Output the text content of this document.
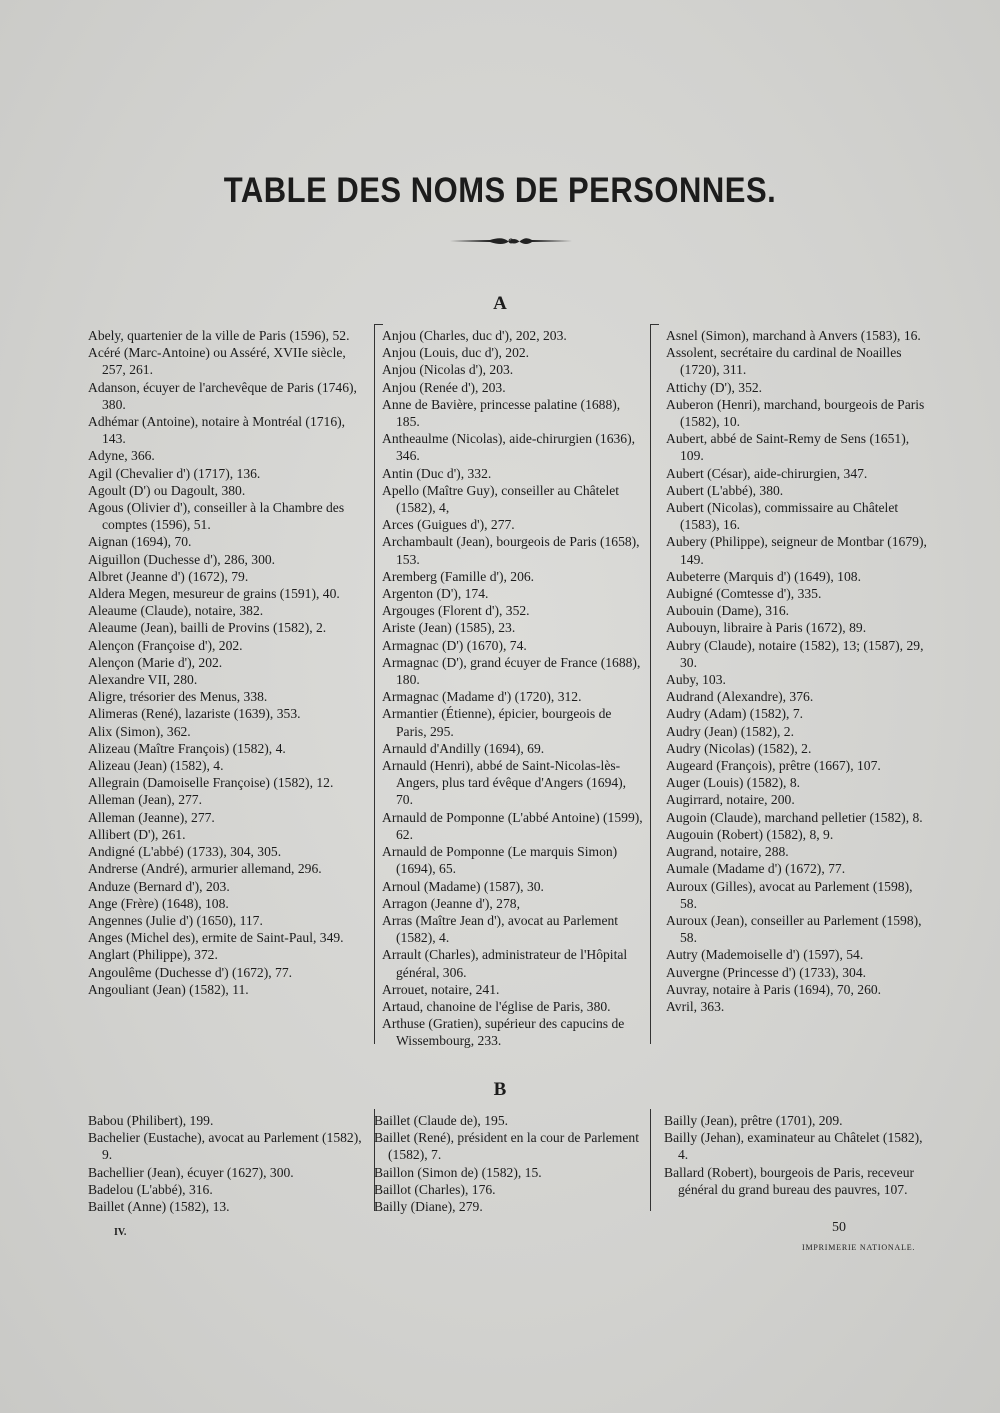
TABLE DES NOMS DE PERSONNES.
A

Abely, quartenier de la ville de Paris (1596), 52.

Acéré (Marc-Antoine) ou Asséré, XVIIe siècle, 257, 261.

Adanson, écuyer de l'archevêque de Paris (1746), 380.

Adhémar (Antoine), notaire à Montréal (1716), 143.

Adyne, 366.

Agil (Chevalier d') (1717), 136.

Agoult (D') ou Dagoult, 380.

Agous (Olivier d'), conseiller à la Chambre des comptes (1596), 51.

Aignan (1694), 70.

Aiguillon (Duchesse d'), 286, 300.

Albret (Jeanne d') (1672), 79.

Aldera Megen, mesureur de grains (1591), 40.

Aleaume (Claude), notaire, 382.

Aleaume (Jean), bailli de Provins (1582), 2.

Alençon (Françoise d'), 202.

Alençon (Marie d'), 202.

Alexandre VII, 280.

Aligre, trésorier des Menus, 338.

Alimeras (René), lazariste (1639), 353.

Alix (Simon), 362.

Alizeau (Maître François) (1582), 4.

Alizeau (Jean) (1582), 4.

Allegrain (Damoiselle Françoise) (1582), 12.

Alleman (Jean), 277.

Alleman (Jeanne), 277.

Allibert (D'), 261.

Andigné (L'abbé) (1733), 304, 305.

Andrerse (André), armurier allemand, 296.

Anduze (Bernard d'), 203.

Ange (Frère) (1648), 108.

Angennes (Julie d') (1650), 117.

Anges (Michel des), ermite de Saint-Paul, 349.

Anglart (Philippe), 372.

Angoulême (Duchesse d') (1672), 77.

Angouliant (Jean) (1582), 11.

Anjou (Charles, duc d'), 202, 203.

Anjou (Louis, duc d'), 202.

Anjou (Nicolas d'), 203.

Anjou (Renée d'), 203.

Anne de Bavière, princesse palatine (1688), 185.

Antheaulme (Nicolas), aide-chirurgien (1636), 346.

Antin (Duc d'), 332.

Apello (Maître Guy), conseiller au Châtelet (1582), 4,

Arces (Guigues d'), 277.

Archambault (Jean), bourgeois de Paris (1658), 153.

Aremberg (Famille d'), 206.

Argenton (D'), 174.

Argouges (Florent d'), 352.

Ariste (Jean) (1585), 23.

Armagnac (D') (1670), 74.

Armagnac (D'), grand écuyer de France (1688), 180.

Armagnac (Madame d') (1720), 312.

Armantier (Étienne), épicier, bourgeois de Paris, 295.

Arnauld d'Andilly (1694), 69.

Arnauld (Henri), abbé de Saint-Nicolas-lès-Angers, plus tard évêque d'Angers (1694), 70.

Arnauld de Pomponne (L'abbé Antoine) (1599), 62.

Arnauld de Pomponne (Le marquis Simon) (1694), 65.

Arnoul (Madame) (1587), 30.

Arragon (Jeanne d'), 278,

Arras (Maître Jean d'), avocat au Parlement (1582), 4.

Arrault (Charles), administrateur de l'Hôpital général, 306.

Arrouet, notaire, 241.

Artaud, chanoine de l'église de Paris, 380.

Arthuse (Gratien), supérieur des capucins de Wissembourg, 233.

Asnel (Simon), marchand à Anvers (1583), 16.

Assolent, secrétaire du cardinal de Noailles (1720), 311.

Attichy (D'), 352.

Auberon (Henri), marchand, bourgeois de Paris (1582), 10.

Aubert, abbé de Saint-Remy de Sens (1651), 109.

Aubert (César), aide-chirurgien, 347.

Aubert (L'abbé), 380.

Aubert (Nicolas), commissaire au Châtelet (1583), 16.

Aubery (Philippe), seigneur de Montbar (1679), 149.

Aubeterre (Marquis d') (1649), 108.

Aubigné (Comtesse d'), 335.

Aubouin (Dame), 316.

Aubouyn, libraire à Paris (1672), 89.

Aubry (Claude), notaire (1582), 13; (1587), 29, 30.

Auby, 103.

Audrand (Alexandre), 376.

Audry (Adam) (1582), 7.

Audry (Jean) (1582), 2.

Audry (Nicolas) (1582), 2.

Augeard (François), prêtre (1667), 107.

Auger (Louis) (1582), 8.

Augirrard, notaire, 200.

Augoin (Claude), marchand pelletier (1582), 8.

Augouin (Robert) (1582), 8, 9.

Augrand, notaire, 288.

Aumale (Madame d') (1672), 77.

Auroux (Gilles), avocat au Parlement (1598), 58.

Auroux (Jean), conseiller au Parlement (1598), 58.

Autry (Mademoiselle d') (1597), 54.

Auvergne (Princesse d') (1733), 304.

Auvray, notaire à Paris (1694), 70, 260.

Avril, 363.

B

Babou (Philibert), 199.

Bachelier (Eustache), avocat au Parlement (1582), 9.

Bachellier (Jean), écuyer (1627), 300.

Badelou (L'abbé), 316.

Baillet (Anne) (1582), 13.

Baillet (Claude de), 195.

Baillet (René), président en la cour de Parlement (1582), 7.

Baillon (Simon de) (1582), 15.

Baillot (Charles), 176.

Bailly (Diane), 279.

Bailly (Jean), prêtre (1701), 209.

Bailly (Jehan), examinateur au Châtelet (1582), 4.

Ballard (Robert), bourgeois de Paris, receveur général du grand bureau des pauvres, 107.

IV.	50
IMPRIMERIE NATIONALE.
